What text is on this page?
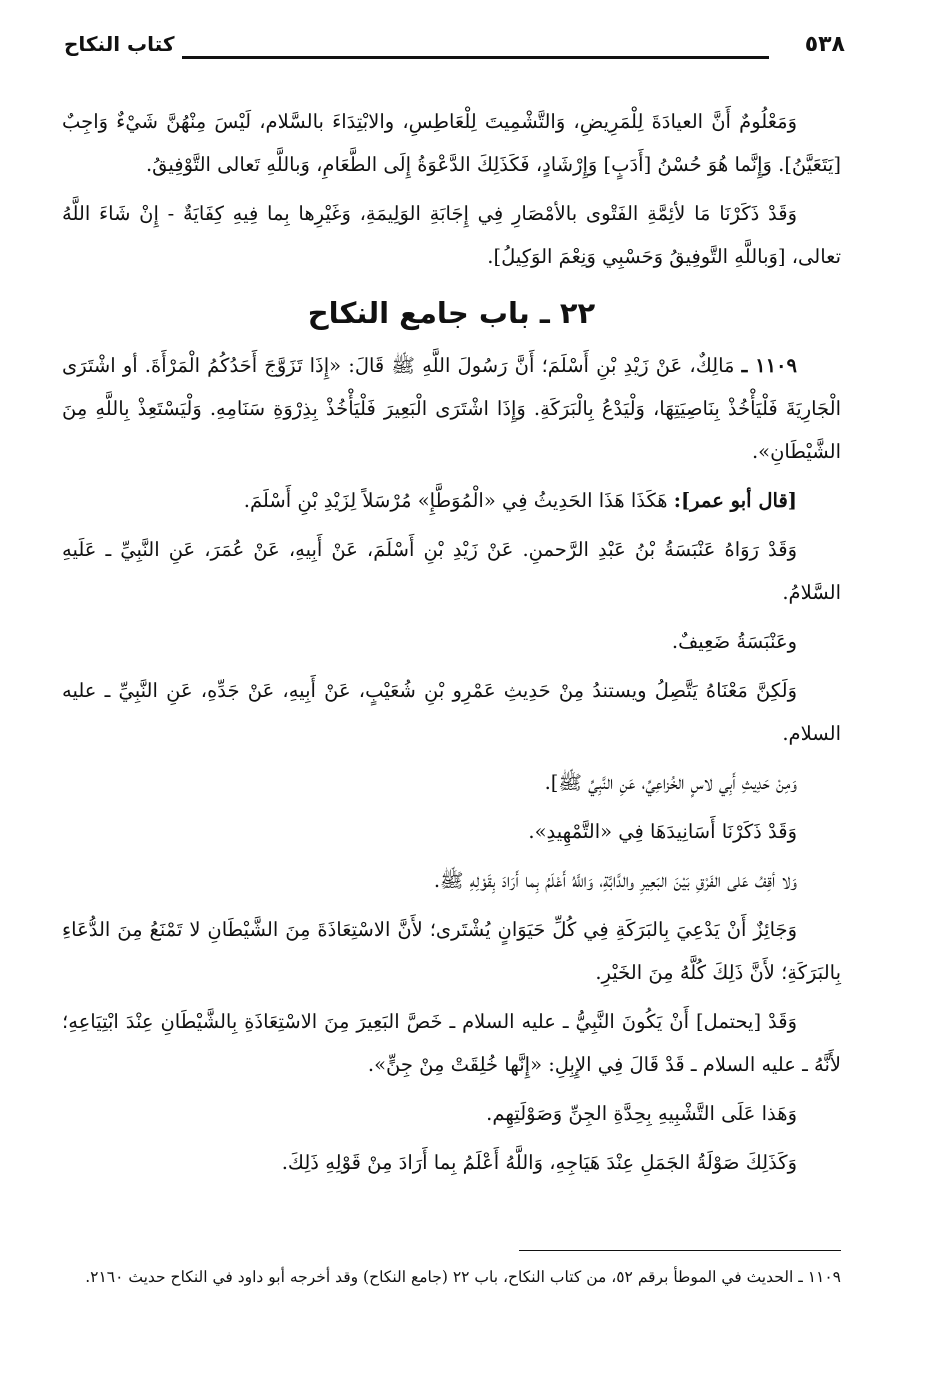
٥٣٨
كتاب النكاح

وَمَعْلُومٌ أَنَّ العيادَةَ لِلْمَرِيضِ، وَالتَّشْمِيتَ لِلْعَاطِسِ، والابْتِدَاءَ بالسَّلام، لَيْسَ مِنْهُنَّ شَيْءٌ وَاجِبٌ [يَتَعَيَّنُ]. وَإِنَّما هُوَ حُسْنُ [أَدَبٍ] وَإِرْشَادٍ، فَكَذَلِكَ الدَّعْوَةُ إِلَى الطَّعَامِ، وَباللَّهِ تَعالى التَّوْفِيقُ.

وَقَدْ ذَكَرْنَا مَا لأئِمَّةِ الفَتْوى بالأمْصَارِ فِي إِجَابَةِ الوَلِيمَةِ، وَغَيْرِها بِما فِيهِ كِفَايَةٌ - إِنْ شَاءَ اللَّهُ تعالى، [وَباللَّهِ التَّوفِيقُ وَحَسْبِي وَنِعْمَ الوَكِيلُ].

٢٢ ـ باب جامع النكاح

١١٠٩ ـ مَالِكٌ، عَنْ زَيْدِ بْنِ أَسْلَمَ؛ أَنَّ رَسُولَ اللَّهِ ﷺ قَالَ: «إِذَا تَزَوَّجَ أَحَدُكُمُ الْمَرْأَةَ. أو اشْتَرَى الْجَارِيَةَ فَلْيَأْخُذْ بِنَاصِيَتِهَا، وَلْيَدْعُ بِالْبَرَكَةِ. وَإِذَا اشْتَرَى الْبَعِيرَ فَلْيَأْخُذْ بِذِرْوَةِ سَنَامِهِ. وَلْيَسْتَعِذْ بِاللَّهِ مِنَ الشَّيْطَانِ».

[قال أبو عمر]: هَكَذَا هَذَا الحَدِيثُ فِي «الْمُوَطَّإِ» مُرْسَلاً لِزَيْدِ بْنِ أَسْلَمَ.

وَقَدْ رَوَاهُ عَنْبَسَةُ بْنُ عَبْدِ الرَّحمنِ. عَنْ زَيْدِ بْنِ أَسْلَمَ، عَنْ أَبِيهِ، عَنْ عُمَرَ، عَنِ النَّبِيِّ ـ عَلَيهِ السَّلامُ.

وعَنْبَسَةُ ضَعِيفٌ.

وَلَكِنَّ مَعْنَاهُ يَتَّصِلُ ويستندُ مِنْ حَدِيثِ عَمْرِو بْنِ شُعَيْبٍ، عَنْ أَبِيهِ، عَنْ جَدِّهِ، عَنِ النَّبِيِّ ـ عليه السلام.

وَمِنْ حَدِيثِ أَبِي لاسٍ الخُزاعِيِّ، عَنِ النَّبِيِّ ﷺ].

وَقَدْ ذَكَرْنَا أَسَانِيدَهَا فِي «التَّمْهِيدِ».

وَلا أقِفُ عَلى الفَرْقِ بَيْنَ البَعِيرِ والدَّابَّةِ، وَاللَّهُ أَعْلَمُ بِما أَرَادَ بِقَوْلِهِ ﷺ.

وَجَائِزٌ أَنْ يَدْعِيَ بِالبَرَكَةِ فِي كُلِّ حَيَوَانٍ يُشْتَرى؛ لأَنَّ الاسْتِعَاذَةَ مِنَ الشَّيْطَانِ لا تَمْنَعُ مِنَ الدُّعَاءِ بِالبَرَكَةِ؛ لأَنَّ ذَلِكَ كُلَّهُ مِنَ الخَيْرِ.

وَقَدْ [يحتمل] أَنْ يَكُونَ النَّبِيُّ ـ عليه السلام ـ خَصَّ البَعِيرَ مِنَ الاسْتِعَاذَةِ بِالشَّيْطَانِ عِنْدَ ابْتِيَاعِهِ؛ لأَنَّهُ ـ عليه السلام ـ قَدْ قَالَ فِي الإِبِلِ: «إِنَّها خُلِقَتْ مِنْ جِنٍّ».

وَهَذا عَلَى التَّشْبِيهِ بِحِدَّةِ الجِنِّ وَصَوْلَتِهِم.

وَكَذَلِكَ صَوْلَةُ الجَمَلِ عِنْدَ هَيَاجِهِ، وَاللَّهُ أَعْلَمُ بِما أَرَادَ مِنْ قَوْلِهِ ذَلِكَ.

١١٠٩ ـ الحديث في الموطأ برقم ٥٢، من كتاب النكاح، باب ٢٢ (جامع النكاح) وقد أخرجه أبو داود في النكاح حديث ٢١٦٠.
